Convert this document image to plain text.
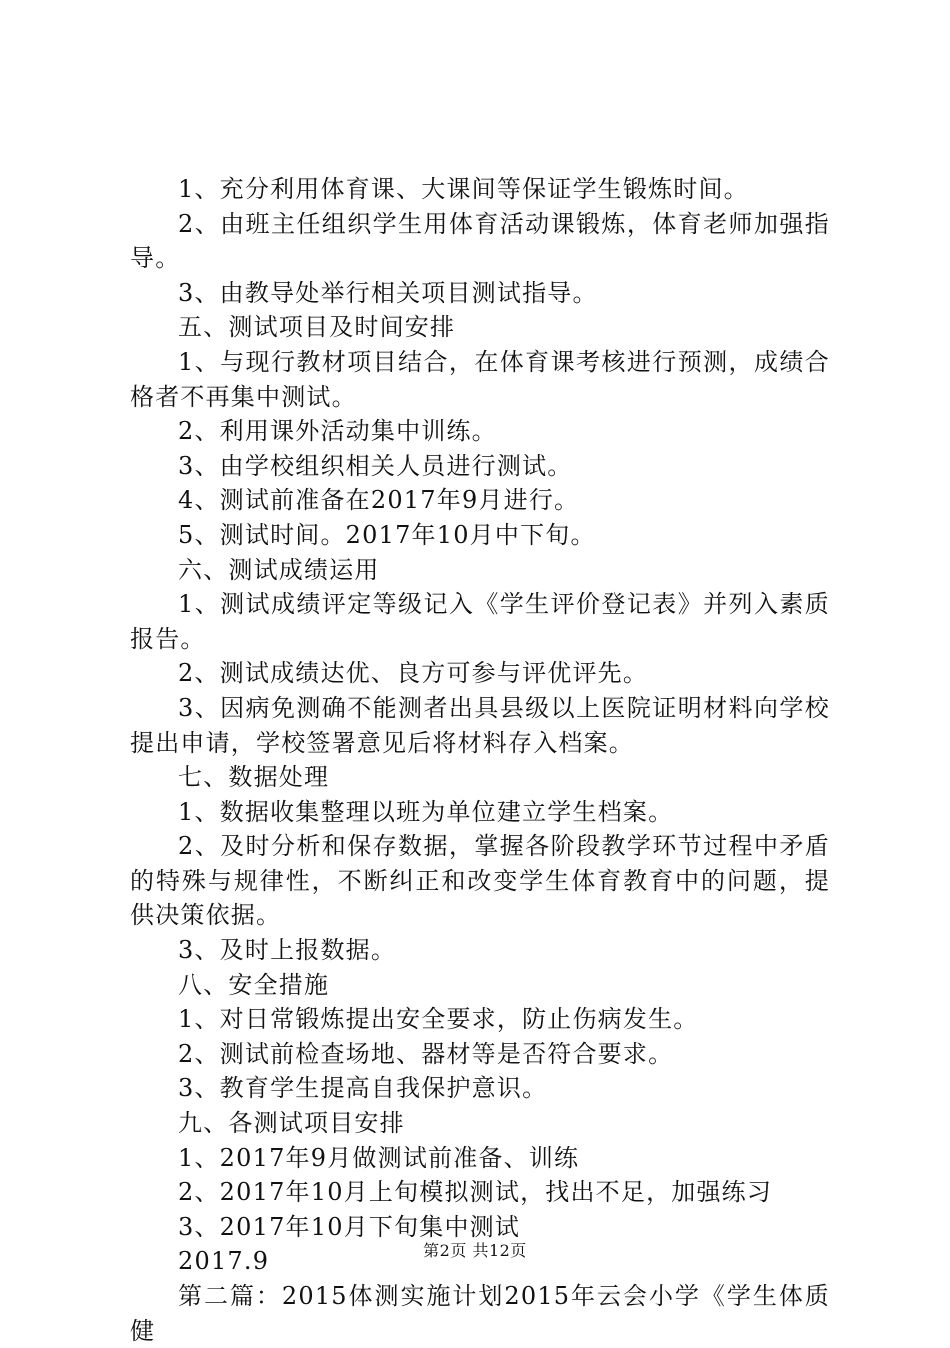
1、充分利用体育课、大课间等保证学生锻炼时间。

2、由班主任组织学生用体育活动课锻炼，体育老师加强指导。

3、由教导处举行相关项目测试指导。

五、测试项目及时间安排

1、与现行教材项目结合，在体育课考核进行预测，成绩合格者不再集中测试。

2、利用课外活动集中训练。

3、由学校组织相关人员进行测试。

4、测试前准备在2017年9月进行。

5、测试时间。2017年10月中下旬。

六、测试成绩运用

1、测试成绩评定等级记入《学生评价登记表》并列入素质报告。

2、测试成绩达优、良方可参与评优评先。

3、因病免测确不能测者出具县级以上医院证明材料向学校提出申请，学校签署意见后将材料存入档案。

七、数据处理

1、数据收集整理以班为单位建立学生档案。

2、及时分析和保存数据，掌握各阶段教学环节过程中矛盾的特殊与规律性，不断纠正和改变学生体育教育中的问题，提供决策依据。

3、及时上报数据。

八、安全措施

1、对日常锻炼提出安全要求，防止伤病发生。

2、测试前检查场地、器材等是否符合要求。

3、教育学生提高自我保护意识。

九、各测试项目安排

1、2017年9月做测试前准备、训练

2、2017年10月上旬模拟测试，找出不足，加强练习

3、2017年10月下旬集中测试

2017.9

第二篇：2015体测实施计划2015年云会小学《学生体质健

第2页 共12页
